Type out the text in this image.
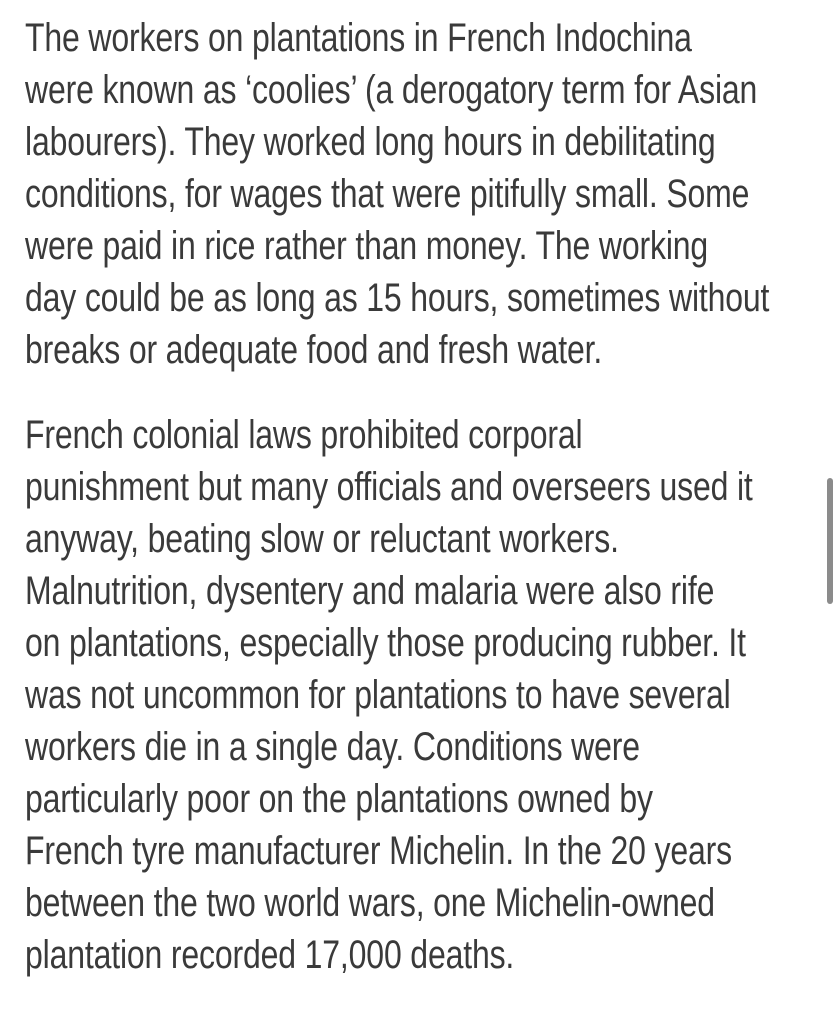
The workers on plantations in French Indochina
were known as ‘coolies’ (a derogatory term for Asian
labourers). They worked long hours in debilitating
conditions, for wages that were pitifully small. Some
were paid in rice rather than money. The working
day could be as long as 15 hours, sometimes without
breaks or adequate food and fresh water.

French colonial laws prohibited corporal
punishment but many officials and overseers used it
anyway, beating slow or reluctant workers.
Malnutrition, dysentery and malaria were also rife
on plantations, especially those producing rubber. It
was not uncommon for plantations to have several
workers die in a single day. Conditions were
particularly poor on the plantations owned by
French tyre manufacturer Michelin. In the 20 years
between the two world wars, one Michelin-owned
plantation recorded 17,000 deaths.
